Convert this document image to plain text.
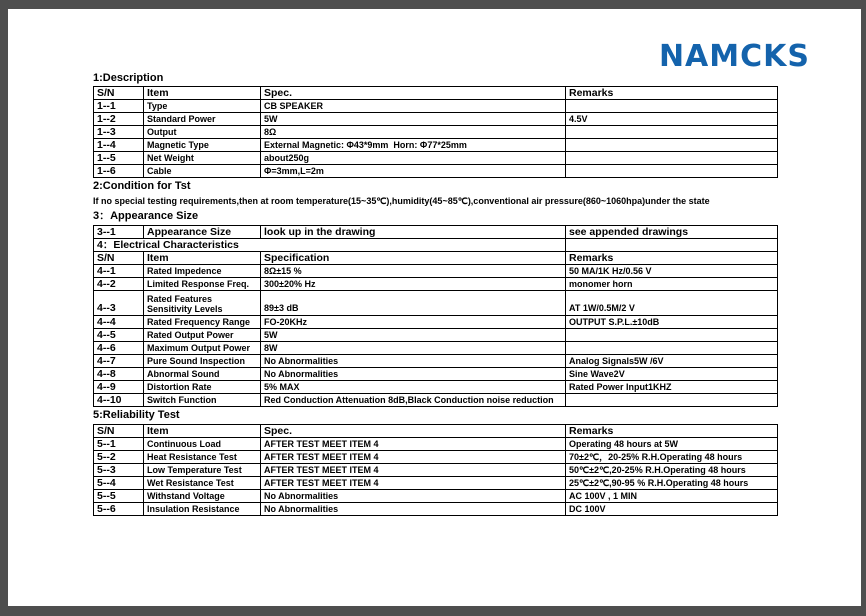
NAMCKS
1:Description
S/N	Item	Spec.	Remarks
1--1	Type	CB SPEAKER	
1--2	Standard Power	5W	4.5V
1--3	Output	8Ω	
1--4	Magnetic Type	External Magnetic: Φ43*9mm  Horn: Φ77*25mm	
1--5	Net Weight	about250g	
1--6	Cable	Φ=3mm,L=2m	
2:Condition for Tst
If no special testing requirements,then at room temperature(15~35℃),humidity(45~85℃),conventional air pressure(860~1060hpa)under the state
3：Appearance Size
3--1	Appearance Size	look up in the drawing	see appended drawings
4：Electrical Characteristics			
S/N	Item	Specification	Remarks
4--1	Rated Impedence	8Ω±15 %	50 MA/1K Hz/0.56 V
4--2	Limited Response Freq.	300±20% Hz	monomer horn
4--3	Rated Features Sensitivity Levels	89±3 dB	AT 1W/0.5M/2 V
4--4	Rated Frequency Range	FO-20KHz	OUTPUT S.P.L.±10dB
4--5	Rated Output Power	5W	
4--6	Maximum Output Power	8W	
4--7	Pure Sound Inspection	No Abnormalities	Analog Signals5W /6V
4--8	Abnormal Sound	No Abnormalities	Sine Wave2V
4--9	Distortion Rate	5% MAX	Rated Power Input1KHZ
4--10	Switch Function	Red Conduction Attenuation 8dB,Black Conduction noise reduction	
5:Reliability Test
S/N	Item	Spec.	Remarks
5--1	Continuous Load	AFTER TEST MEET ITEM 4	Operating 48 hours at 5W
5--2	Heat Resistance Test	AFTER TEST MEET ITEM 4	70±2℃，20-25% R.H.Operating 48 hours
5--3	Low Temperature Test	AFTER TEST MEET ITEM 4	50℃±2℃,20-25% R.H.Operating 48 hours
5--4	Wet Resistance Test	AFTER TEST MEET ITEM 4	25℃±2℃,90-95 % R.H.Operating 48 hours
5--5	Withstand Voltage	No Abnormalities	AC 100V , 1 MIN
5--6	Insulation Resistance	No Abnormalities	DC 100V
